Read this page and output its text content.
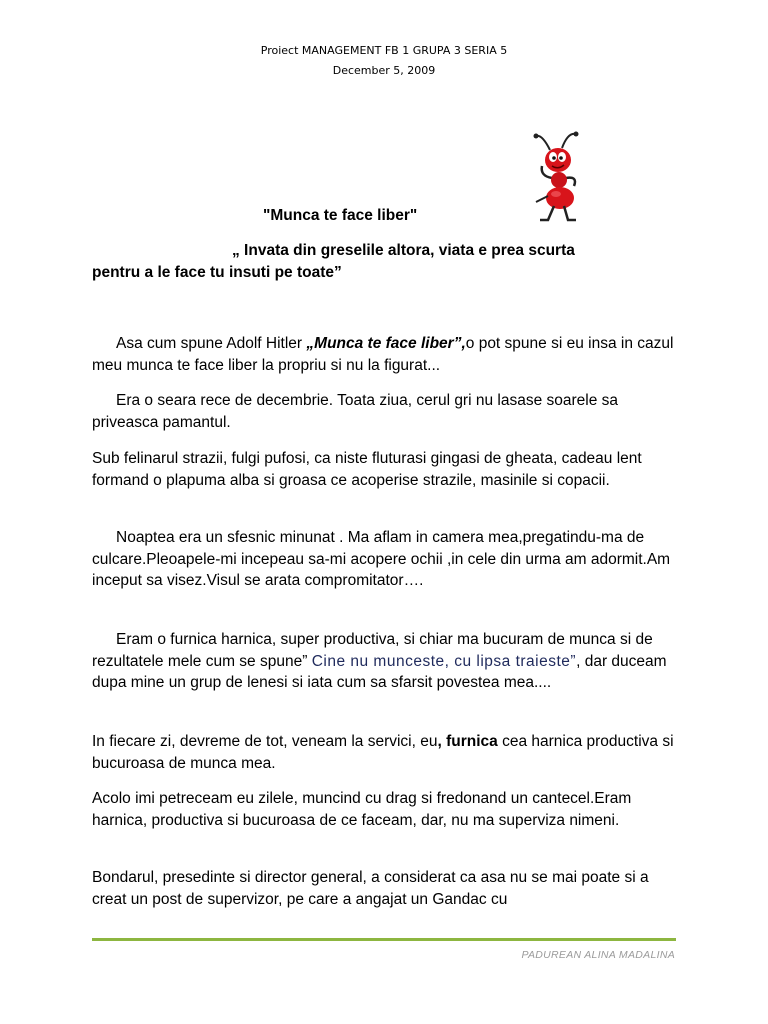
Proiect MANAGEMENT FB 1 GRUPA 3 SERIA 5
December 5, 2009
"Munca te face liber"
„ Invata din greselile altora, viata e prea scurta
pentru a le face tu insuti pe toate”
Asa cum spune Adolf Hitler „Munca te face liber”,o pot spune si eu insa in cazul meu munca te face liber la propriu si nu la figurat...
Era o seara rece de decembrie. Toata ziua, cerul gri nu lasase soarele sa priveasca pamantul.
Sub felinarul strazii, fulgi pufosi, ca niste fluturasi gingasi de gheata, cadeau lent formand o plapuma alba si groasa ce acoperise strazile, masinile si copacii.
Noaptea era un sfesnic minunat . Ma aflam in camera mea,pregatindu-ma de culcare.Pleoapele-mi incepeau sa-mi acopere ochii ,in cele din urma am adormit.Am inceput sa visez.Visul se arata compromitator….
Eram o furnica harnica, super productiva, si chiar ma bucuram de munca si de rezultatele mele cum se spune” Cine nu munceste, cu lipsa traieste”, dar duceam dupa mine un grup de lenesi si iata cum sa sfarsit povestea mea....
In fiecare zi, devreme de tot, veneam la servici, eu, furnica cea harnica productiva si bucuroasa de munca mea.
Acolo imi petreceam eu zilele, muncind cu drag si fredonand un cantecel.Eram harnica, productiva si bucuroasa de ce faceam, dar, nu ma superviza nimeni.
Bondarul, presedinte si director general, a considerat ca asa nu se mai poate si a creat un post de supervizor, pe care a angajat un Gandac cu
PADUREAN ALINA MADALINA
